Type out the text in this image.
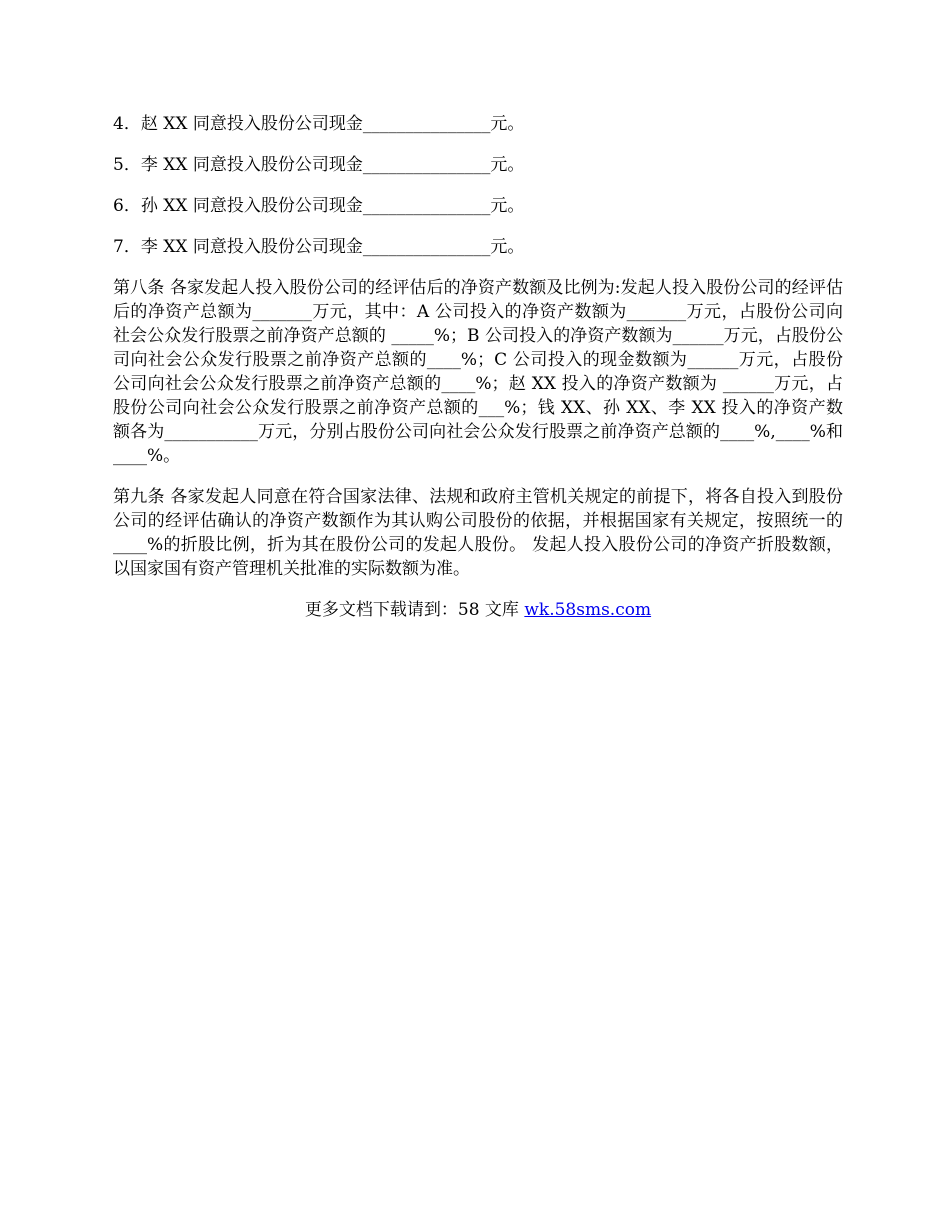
4．赵 XX 同意投入股份公司现金_______________元。

5．李 XX 同意投入股份公司现金_______________元。

6．孙 XX 同意投入股份公司现金_______________元。

7．李 XX 同意投入股份公司现金_______________元。

第八条 各家发起人投入股份公司的经评估后的净资产数额及比例为:发起人投入股份公司的经评估后的净资产总额为_______万元，其中：A 公司投入的净资产数额为_______万元，占股份公司向社会公众发行股票之前净资产总额的 _____%；B 公司投入的净资产数额为______万元，占股份公司向社会公众发行股票之前净资产总额的____%；C 公司投入的现金数额为______万元，占股份公司向社会公众发行股票之前净资产总额的____%；赵 XX 投入的净资产数额为 ______万元，占股份公司向社会公众发行股票之前净资产总额的___%；钱 XX、孙 XX、李 XX 投入的净资产数额各为___________万元，分别占股份公司向社会公众发行股票之前净资产总额的____%,____%和____%。

第九条 各家发起人同意在符合国家法律、法规和政府主管机关规定的前提下，将各自投入到股份公司的经评估确认的净资产数额作为其认购公司股份的依据，并根据国家有关规定，按照统一的____%的折股比例，折为其在股份公司的发起人股份。 发起人投入股份公司的净资产折股数额，以国家国有资产管理机关批准的实际数额为准。

更多文档下载请到：58 文库 wk.58sms.com
